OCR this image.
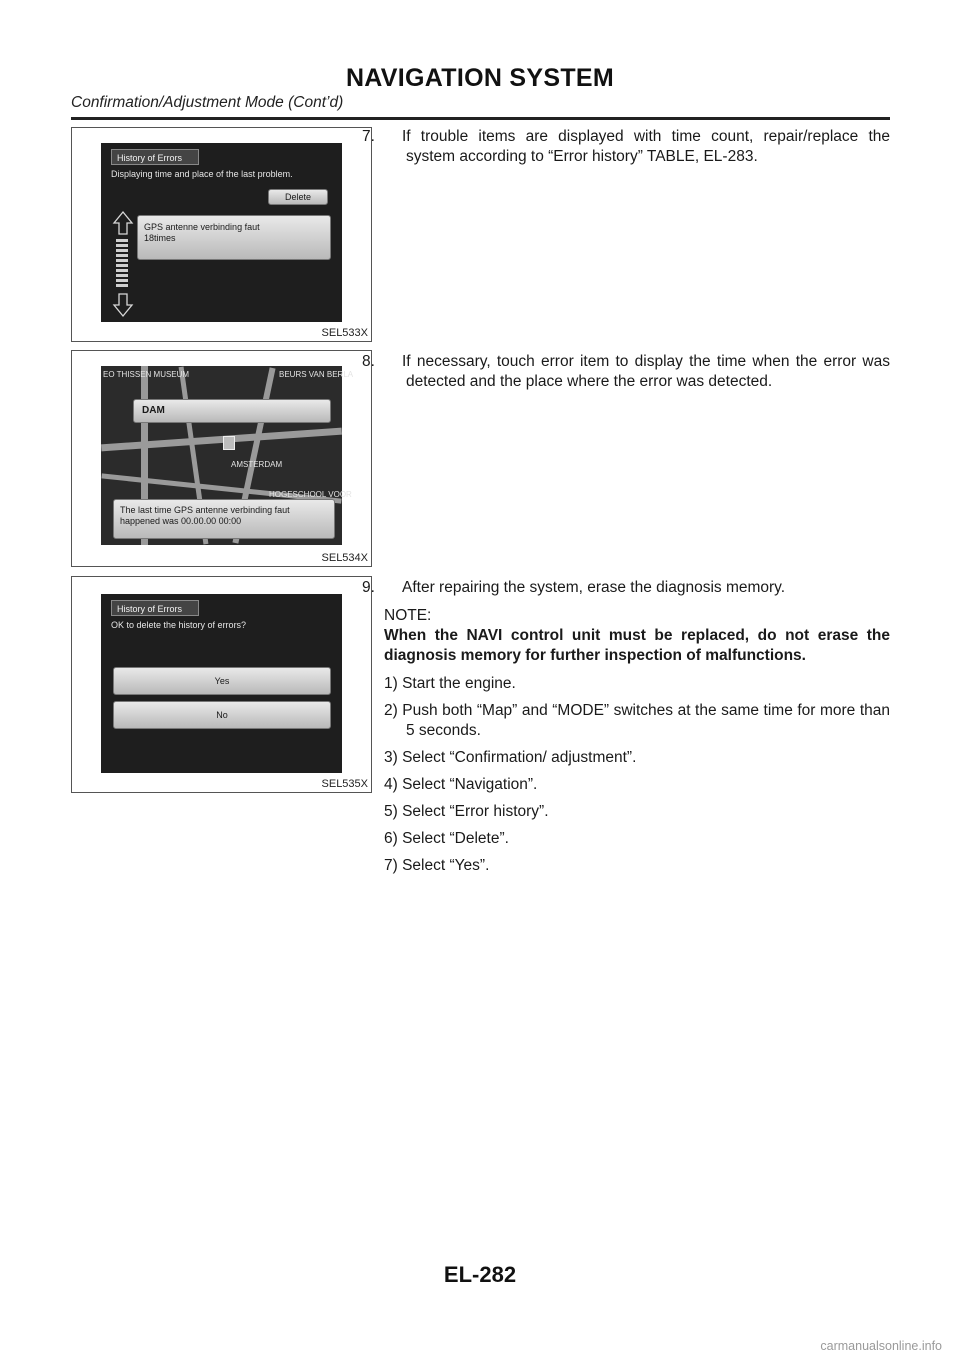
NAVIGATION SYSTEM
Confirmation/Adjustment Mode (Cont’d)
History of Errors
Displaying time and place of the last problem.
Delete
GPS antenne verbinding faut
18times
SEL533X
EO THISSEN MUSEUM	BEURS VAN BERLA
AMSTERDAM
HOGESCHOOL VOOR
DAM
The last time GPS antenne verbinding faut
happened was 00.00.00 00:00
SEL534X
History of Errors
OK to delete the history of errors?
Yes
No
SEL535X

7. If trouble items are displayed with time count, repair/replace the system according to “Error history” TABLE, EL-283.

8. If necessary, touch error item to display the time when the error was detected and the place where the error was detected.

9. After repairing the system, erase the diagnosis memory.

NOTE:

When the NAVI control unit must be replaced, do not erase the diagnosis memory for further inspection of malfunctions.

1) Start the engine.

2) Push both “Map” and “MODE” switches at the same time for more than 5 seconds.

3) Select “Confirmation/ adjustment”.

4) Select “Navigation”.

5) Select “Error history”.

6) Select “Delete”.

7) Select “Yes”.

EL-282
carmanualsonline.info
